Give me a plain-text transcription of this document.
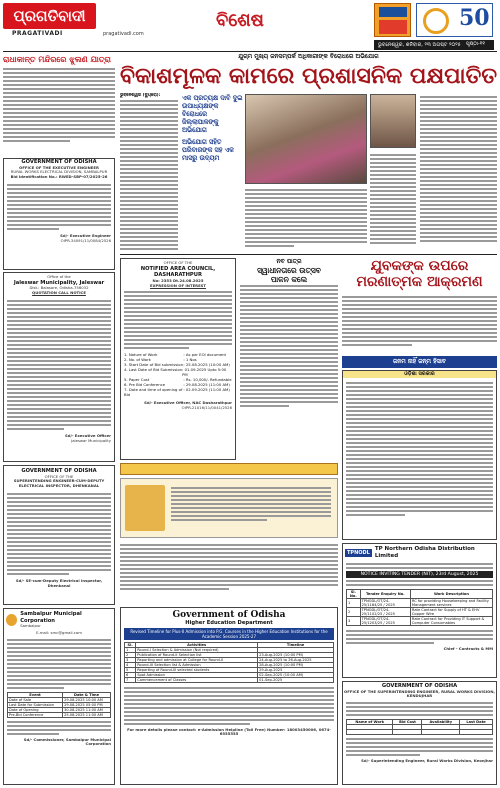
ପ୍ରଗତିବାଦୀ
PRAGATIVADI	pragativadi.com
ବିଶେଷ	50
ଭୁବନେଶ୍ୱର, ଶନିବାର, ୨୩ ଅଗଷ୍ଟ ୨୦୨୫	ପୃଷ୍ଠା-୧୧
ରାଧାକାନ୍ତ ମନ୍ଦିରରେ ଝୁଲଣ ଯାତ୍ରା
GOVERNMENT OF ODISHA
OFFICE OF THE EXECUTIVE ENGINEER
RURAL WORKS ELECTRICAL DIVISION, SAMBALPUR
Bid Identification No.: RWED-SBP-07/2025-26
Sd/- Executive Engineer
OIPR-34091/11/0084/2526
Office of the
Jaleswar Municipality, Jaleswar
Dist.: Balasore, Odisha-756032
QUOTATION CALL NOTICE
Sd/- Executive Officer
Jaleswar Municipality
GOVERNMENT OF ODISHA
OFFICE OF THE
SUPERINTENDING ENGINEER-CUM-DEPUTY ELECTRICAL INSPECTOR, DHENKANAL
Sd/- SE-cum-Deputy Electrical Inspector, Dhenkanal
Sambalpur Municipal Corporation
Sambalpur
E-mail: smc@gmail.com
Event	Date & Time
Date of Sale	29.08.2025 10:00 AM
Last Date for Submission	29.08.2025 05:00 PM
Date of Opening	30.08.2025 11:00 AM
Pre-Bid Conference	25.08.2025 11:00 AM
Sd/- Commissioner, Sambalpur Municipal Corporation
ଯୁଗ୍ମ ମୁଖ୍ୟ ଜନସମ୍ପର୍କ ଅଧିକାରୀଙ୍କ ବିରୋଧରେ ଅଭିଯୋଗ
ବିକାଶମୂଳକ କାମରେ ପ୍ରଶାସନିକ ପକ୍ଷପାତିତ
ଭୁବନେଶ୍ୱର (ବ୍ୟୁରୋ):	ଏକ ପ୍ରତ୍ୟକ୍ଷ ଦାବି ଦୁଇ
ଉପାଧ୍ୟକ୍ଷଙ୍କ ବିରୋଧରେ
ଜିଲ୍ଲାପାଳଙ୍କୁ ଅଭିଯୋଗ
ଅଭିଯୋଗ ସହିତ
ପରିବାରଙ୍କ ସହ ଏକ
ମାସରୁ ଉଦ୍ୟମ
OFFICE OF THE
NOTIFIED AREA COUNCIL, DASHARATHPUR
No: 2353 Dt.24.08.2025
EXPRESSION OF INTEREST
1. Nature of Work	: As per EOI document
2. No. of Work	: 1 Nos
3. Start Date of Bid submission : 25.08.2025 (10:00 AM)
4. Last Date of Bid Submission : 01.09.2025 Upto 5:00 PM
5. Paper Cost	: Rs. 10,000/- Refundable
6. Pre Bid Conference	: 29.08.2025 (11:00 AM)
7. Date and time of opening of Bid
: 02.09.2025 (11:00 AM)
Sd/- Executive Officer, NAC Dasharathpur
OIPR-21016/11/0041/2526
ନବ ପାତ୍ର
ସ୍ୱାଧୀନତାରେ ଉତ୍ସବ
ପାଳନ କଲେ
ଯୁବକଙ୍କ ଉପରେ ମରଣାତ୍ମକ ଆକ୍ରମଣ
ଜନମ ନାହିଁ ଜନ୍ମ ହିସାବ
ଓଡ଼ିଶା ସରକାର
Government of Odisha
Higher Education Department
Revised Timeline for Plus-II Admission into P.G. Courses in the Higher Education Institutions for the Academic Session 2025-27
Sl.	Activities	Timeline
1	Round-I Selection & Admission (Not required)	
2	Publication of Round-II Selection list	23-Aug-2025 (10:00 PM)
3	Reporting and admission at College for Round-II	24-Aug-2025 to 26-Aug-2025
4	Round-III Selection list & Admission	28-Aug-2025 (10:00 PM)
5	Reporting of Round-III selected students	29-Aug-2025
6	Spot Admission	02-Sep-2025 (10:00 AM)
7	Commencement of Classes	01-Sep-2025
For more details please contact: e-Admission Helpline (Toll Free) Number: 18003450006, 0674-6555555
TPNODL
TP Northern Odisha Distribution Limited
NOTICE INVITING TENDER (NIT), 23rd August, 2025
Sl. No.	Tender Enquiry No.	Work Description
1	TPNODL/OT/24-25/1184/25 / 2025	RC for providing Housekeeping and Facility Management services
2	TPNODL/OT/24-25/1102/25 / 2025	Rate Contract for Supply of HT & EHV Copper Wire
3	TPNODL/OT/24-25/1203/25 / 2025	Rate Contract for Providing IT Support & Computer Consumables
Chief - Contracts & MM
GOVERNMENT OF ODISHA
OFFICE OF THE SUPERINTENDING ENGINEER, RURAL WORKS DIVISION, KENDUJHAR
Name of Work	Bid Cost	Availability	Last Date

Sd/- Superintending Engineer, Rural Works Division, Keonjhar
